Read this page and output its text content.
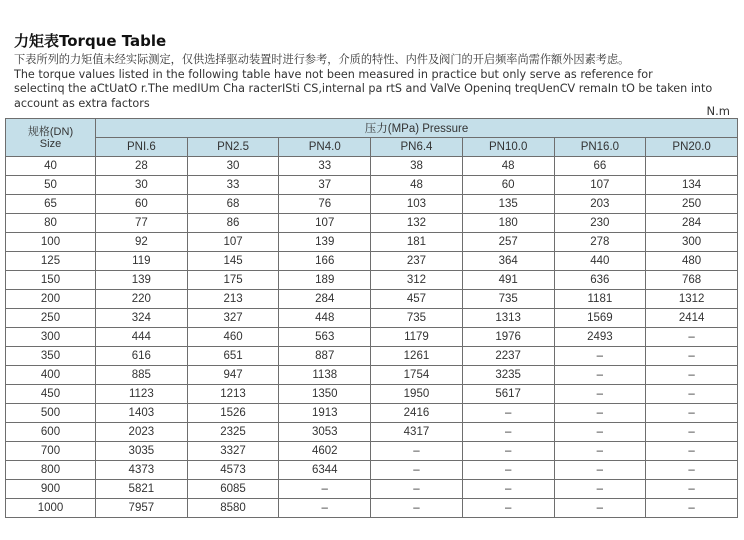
力矩表Torque Table
下表所列的力矩值未经实际测定，仅供选择驱动装置时进行参考，介质的特性、内件及阀门的开启频率尚需作额外因素考虑。
The torque values listed in the following table have not been measured in practice but only serve as reference for
selectinq the aCtUatO r.The medIUm Cha racterISti CS,internal pa rtS and ValVe Openinq treqUenCV remaIn tO be taken into
account as extra factors
N.m
规格(DN)
Size	压力(MPa) Pressure						
	PNI.6	PN2.5	PN4.0	PN6.4	PN10.0	PN16.0	PN20.0
40	28	30	33	38	48	66	
50	30	33	37	48	60	107	134
65	60	68	76	103	135	203	250
80	77	86	107	132	180	230	284
100	92	107	139	181	257	278	300
125	119	145	166	237	364	440	480
150	139	175	189	312	491	636	768
200	220	213	284	457	735	1181	1312
250	324	327	448	735	1313	1569	2414
300	444	460	563	1179	1976	2493	–
350	616	651	887	1261	2237	–	–
400	885	947	1138	1754	3235	–	–
450	1123	1213	1350	1950	5617	–	–
500	1403	1526	1913	2416	–	–	–
600	2023	2325	3053	4317	–	–	–
700	3035	3327	4602	–	–	–	–
800	4373	4573	6344	–	–	–	–
900	5821	6085	–	–	–	–	–
1000	7957	8580	–	–	–	–	–
